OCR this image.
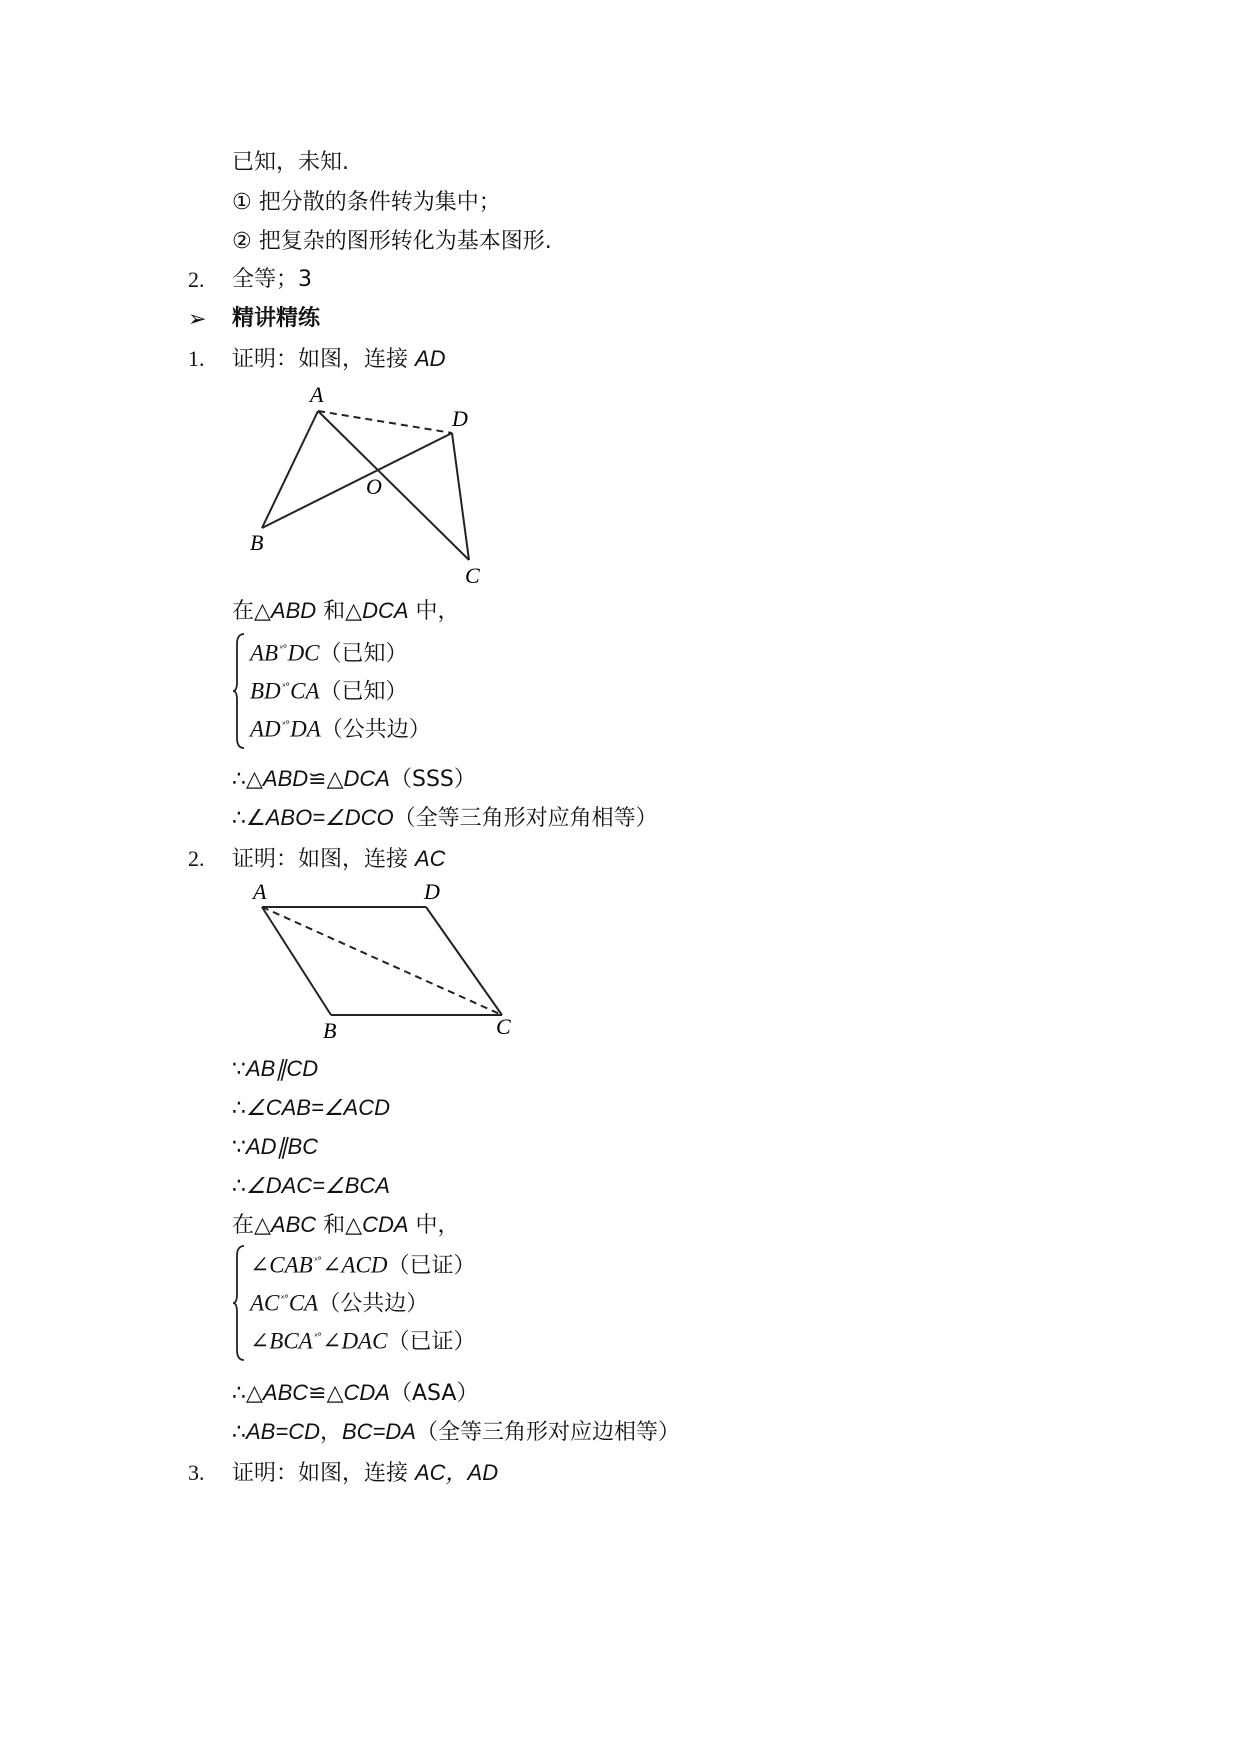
已知，未知.
① 把分散的条件转为集中；
② 把复杂的图形转化为基本图形.
2. 全等；3
➢ 精讲精练
1. 证明：如图，连接 AD
A
D
O
B
C
在△ABD 和△DCA 中，
$AB^{ˣ^\circ}DC$（已知）
$BD^{ˣ^\circ}CA$（已知）
$AD^{ˣ^\circ}DA$（公共边）
∴△ABD≌△DCA（SSS）
∴∠ABO=∠DCO（全等三角形对应角相等）
2. 证明：如图，连接 AC
A	D
B	C
∵AB∥CD
∴∠CAB=∠ACD
∵AD∥BC
∴∠DAC=∠BCA
在△ABC 和△CDA 中，
$\angle CAB^{ˣ^\circ}\angle ACD$（已证）
$AC^{ˣ^\circ}CA$（公共边）
$\angle BCA^{ˣ^\circ}\angle DAC$（已证）
∴△ABC≌△CDA（ASA）
∴AB=CD，BC=DA（全等三角形对应边相等）
3. 证明：如图，连接 AC，AD
